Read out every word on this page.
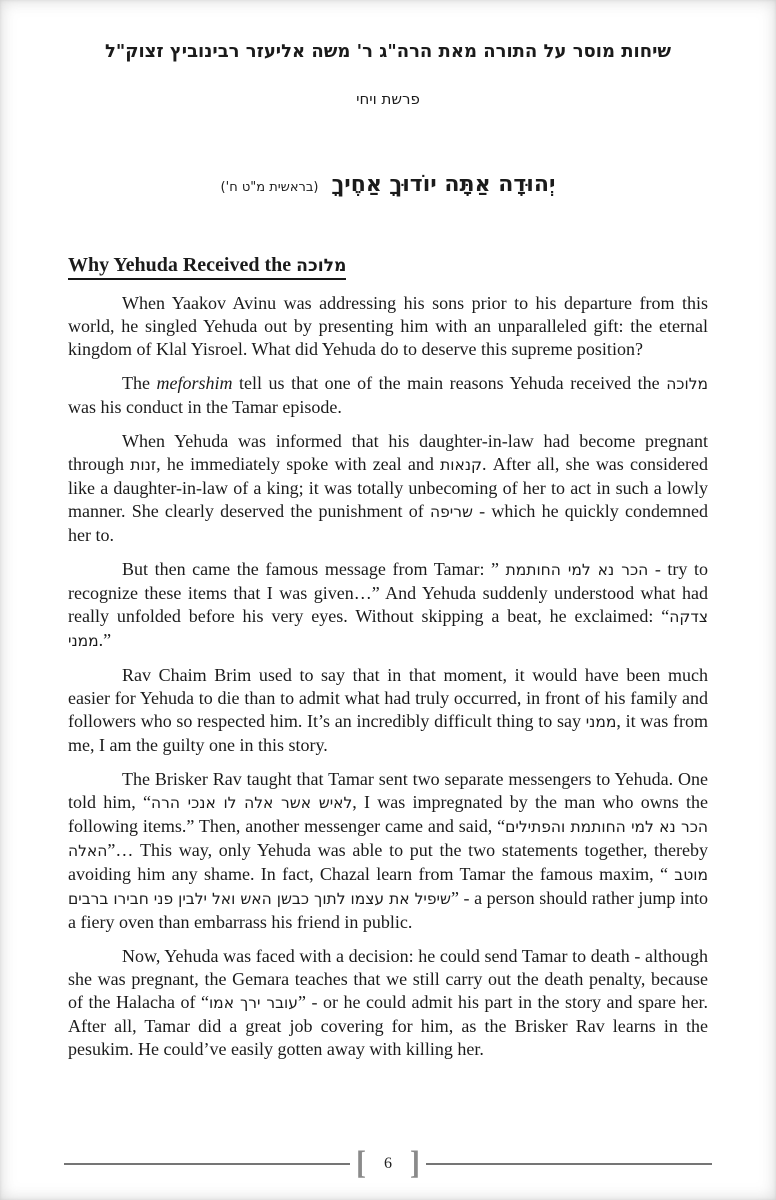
שיחות מוסר על התורה מאת הרה"ג ר' משה אליעזר רבינוביץ זצוק"ל
פרשת ויחי
יְהוּדָה אַתָּה יוֹדוּךָ אַחֶיךָ (בראשית מ"ט ח')
Why Yehuda Received the מלוכה

When Yaakov Avinu was addressing his sons prior to his departure from this world, he singled Yehuda out by presenting him with an unparalleled gift: the eternal kingdom of Klal Yisroel. What did Yehuda do to deserve this supreme position?

The meforshim tell us that one of the main reasons Yehuda received the מלוכה was his conduct in the Tamar episode.

When Yehuda was informed that his daughter-in-law had become pregnant through זנות, he immediately spoke with zeal and קנאות. After all, she was considered like a daughter-in-law of a king; it was totally unbecoming of her to act in such a lowly manner. She clearly deserved the punishment of שריפה - which he quickly condemned her to.

But then came the famous message from Tamar: ” הכר נא למי החותמת - try to recognize these items that I was given…” And Yehuda suddenly understood what had really unfolded before his very eyes. Without skipping a beat, he exclaimed: “צדקה ממני.”

Rav Chaim Brim used to say that in that moment, it would have been much easier for Yehuda to die than to admit what had truly occurred, in front of his family and followers who so respected him. It’s an incredibly difficult thing to say ממני, it was from me, I am the guilty one in this story.

The Brisker Rav taught that Tamar sent two separate messengers to Yehuda. One told him, “לאיש אשר אלה לו אנכי הרה, I was impregnated by the man who owns the following items.” Then, another messenger came and said, “הכר נא למי החותמת והפתילים האלה”… This way, only Yehuda was able to put the two statements together, thereby avoiding him any shame. In fact, Chazal learn from Tamar the famous maxim, “ מוטב שיפיל את עצמו לתוך כבשן האש ואל ילבין פני חבירו ברבים” - a person should rather jump into a fiery oven than embarrass his friend in public.

Now, Yehuda was faced with a decision: he could send Tamar to death - although she was pregnant, the Gemara teaches that we still carry out the death penalty, because of the Halacha of “עובר ירך אמו” - or he could admit his part in the story and spare her. After all, Tamar did a great job covering for him, as the Brisker Rav learns in the pesukim. He could’ve easily gotten away with killing her.

[	6 ]
